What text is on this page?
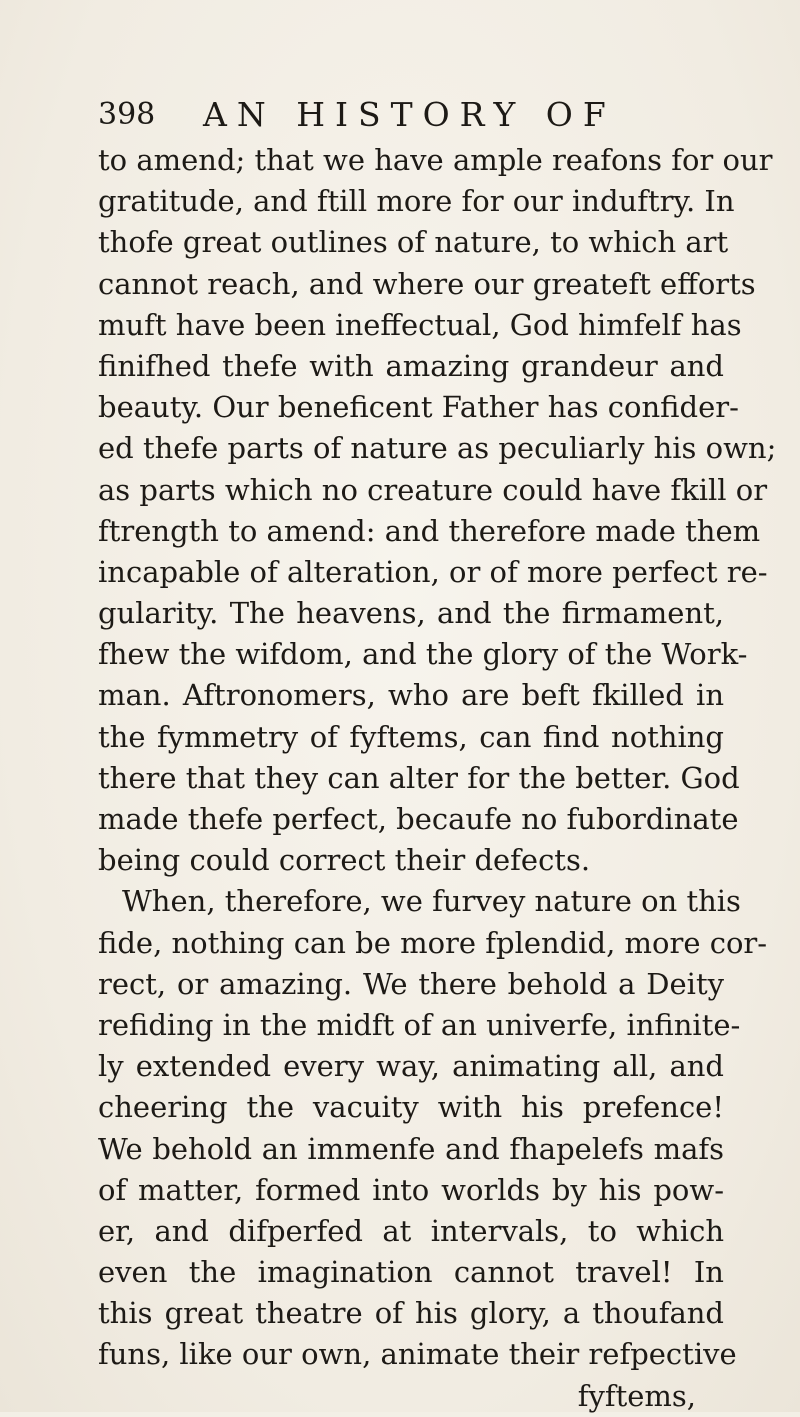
398 AN HISTORY OF
to amend; that we have ample reafons for our
gratitude, and ftill more for our induftry. In
thofe great outlines of nature, to which art
cannot reach, and where our greateft efforts
muft have been ineffectual, God himfelf has
finifhed thefe with amazing grandeur and
beauty. Our beneficent Father has confider-
ed thefe parts of nature as peculiarly his own;
as parts which no creature could have fkill or
ftrength to amend: and therefore made them
incapable of alteration, or of more perfect re-
gularity. The heavens, and the firmament,
fhew the wifdom, and the glory of the Work-
man. Aftronomers, who are beft fkilled in
the fymmetry of fyftems, can find nothing
there that they can alter for the better. God
made thefe perfect, becaufe no fubordinate
being could correct their defects.
When, therefore, we furvey nature on this
fide, nothing can be more fplendid, more cor-
rect, or amazing. We there behold a Deity
refiding in the midft of an univerfe, infinite-
ly extended every way, animating all, and
cheering the vacuity with his prefence!
We behold an immenfe and fhapelefs mafs
of matter, formed into worlds by his pow-
er, and difperfed at intervals, to which
even the imagination cannot travel! In
this great theatre of his glory, a thoufand
funs, like our own, animate their refpective
fyftems,
